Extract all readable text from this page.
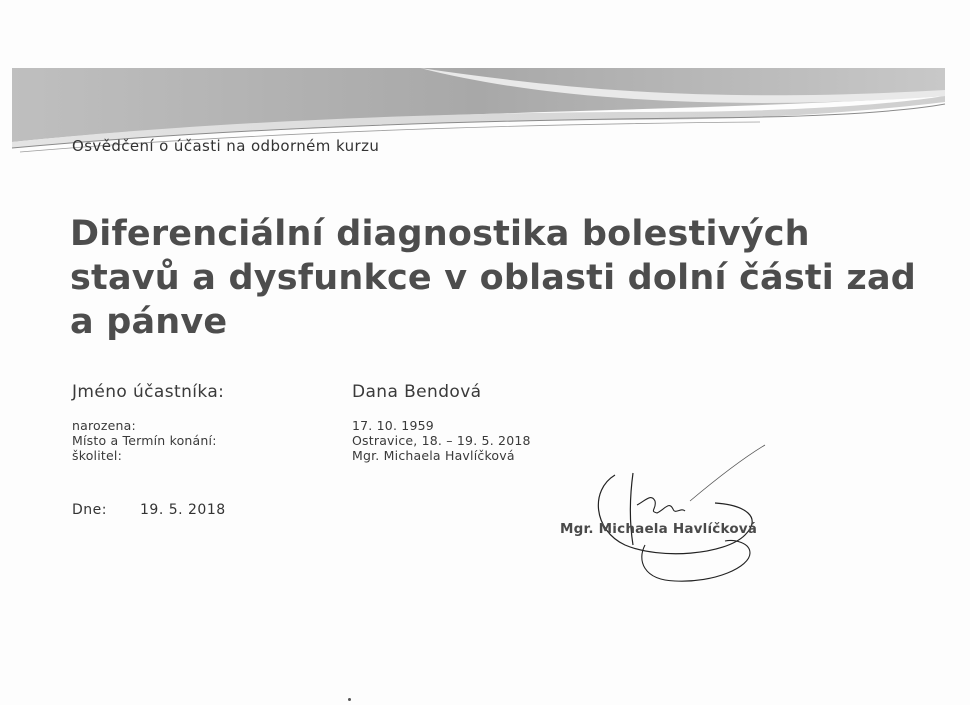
Osvědčení o účasti na odborném kurzu
Diferenciální diagnostika bolestivých stavů a dysfunkce v oblasti dolní části zad a pánve
Jméno účastníka:	Dana Bendová
narozena:
Místo a Termín konání:
školitel:
17. 10. 1959
Ostravice, 18. – 19. 5. 2018
Mgr. Michaela Havlíčková
Dne: 19. 5. 2018
Mgr. Michaela Havlíčková
